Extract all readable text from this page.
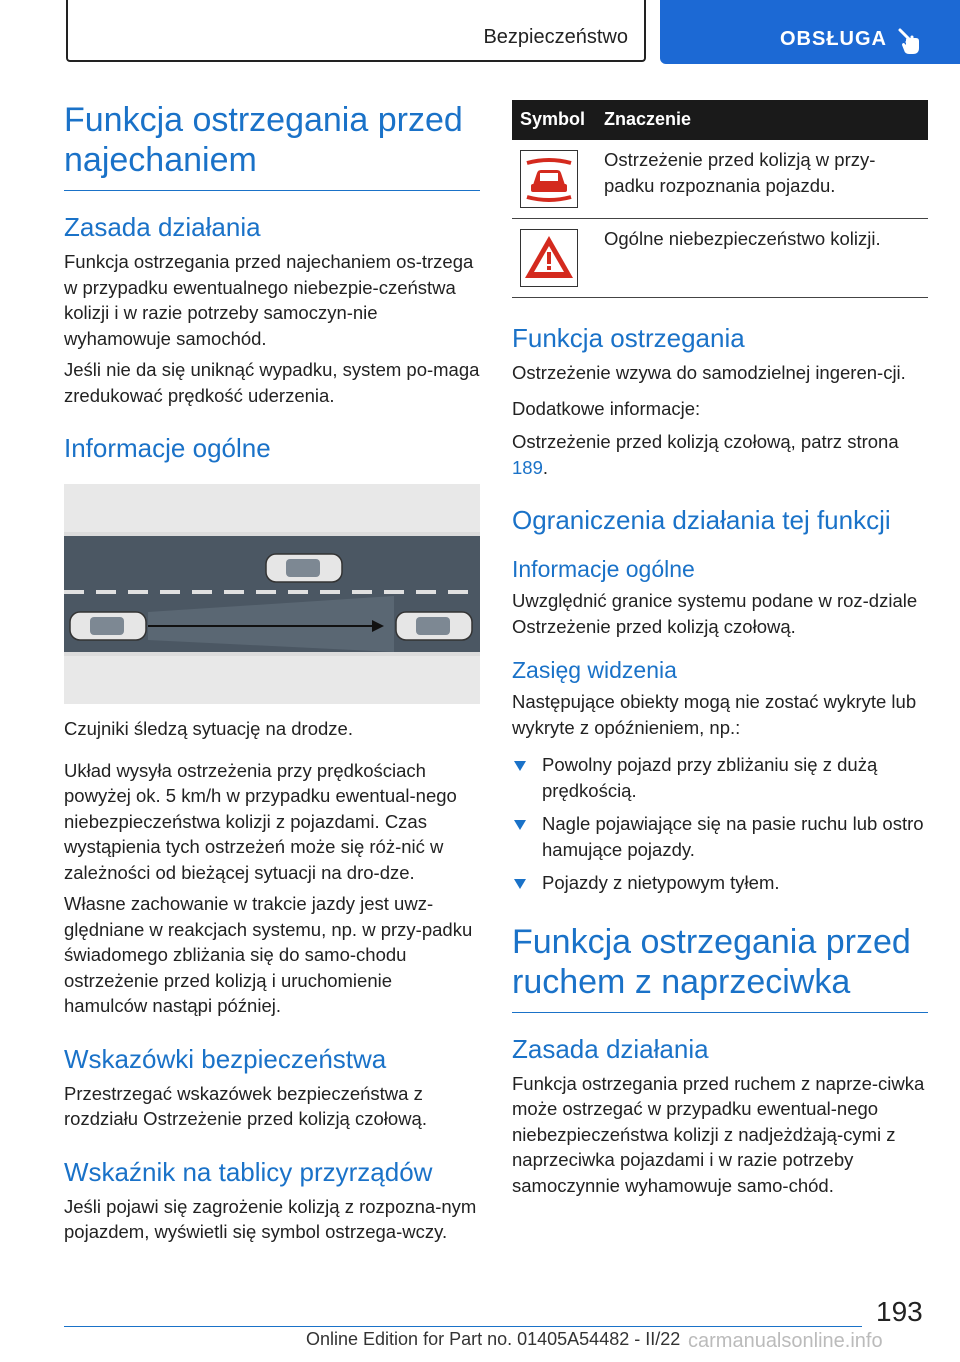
Bezpieczeństwo	OBSŁUGA
Funkcja ostrzegania przed najechaniem
Zasada działania

Funkcja ostrzegania przed najechaniem os-trzega w przypadku ewentualnego niebezpie-czeństwa kolizji i w razie potrzeby samoczyn-nie wyhamowuje samochód.

Jeśli nie da się uniknąć wypadku, system po-maga zredukować prędkość uderzenia.

Informacje ogólne

Czujniki śledzą sytuację na drodze.

Układ wysyła ostrzeżenia przy prędkościach powyżej ok. 5 km/h w przypadku ewentual-nego niebezpieczeństwa kolizji z pojazdami. Czas wystąpienia tych ostrzeżeń może się róż-nić w zależności od bieżącej sytuacji na dro-dze.

Własne zachowanie w trakcie jazdy jest uwz-ględniane w reakcjach systemu, np. w przy-padku świadomego zbliżania się do samo-chodu ostrzeżenie przed kolizją i uruchomienie hamulców nastąpi później.

Wskazówki bezpieczeństwa

Przestrzegać wskazówek bezpieczeństwa z rozdziału Ostrzeżenie przed kolizją czołową.

Wskaźnik na tablicy przyrządów

Jeśli pojawi się zagrożenie kolizją z rozpozna-nym pojazdem, wyświetli się symbol ostrzega-wczy.

Symbol Znaczenie

Ostrzeżenie przed kolizją w przy-padku rozpoznania pojazdu.

Ogólne niebezpieczeństwo kolizji.

Funkcja ostrzegania

Ostrzeżenie wzywa do samodzielnej ingeren-cji.

Dodatkowe informacje:

Ostrzeżenie przed kolizją czołową, patrz strona 189.

Ograniczenia działania tej funkcji
Informacje ogólne

Uwzględnić granice systemu podane w roz-dziale Ostrzeżenie przed kolizją czołową.

Zasięg widzenia

Następujące obiekty mogą nie zostać wykryte lub wykryte z opóźnieniem, np.:

Powolny pojazd przy zbliżaniu się z dużą prędkością.
Nagle pojawiające się na pasie ruchu lub ostro hamujące pojazdy.
Pojazdy z nietypowym tyłem.
Funkcja ostrzegania przed ruchem z naprzeciwka
Zasada działania

Funkcja ostrzegania przed ruchem z naprze-ciwka może ostrzegać w przypadku ewentual-nego niebezpieczeństwa kolizji z nadjeżdżają-cymi z naprzeciwka pojazdami i w razie potrzeby samoczynnie wyhamowuje samo-chód.

193
Online Edition for Part no. 01405A54482 - II/22 carmanualsonline.info
